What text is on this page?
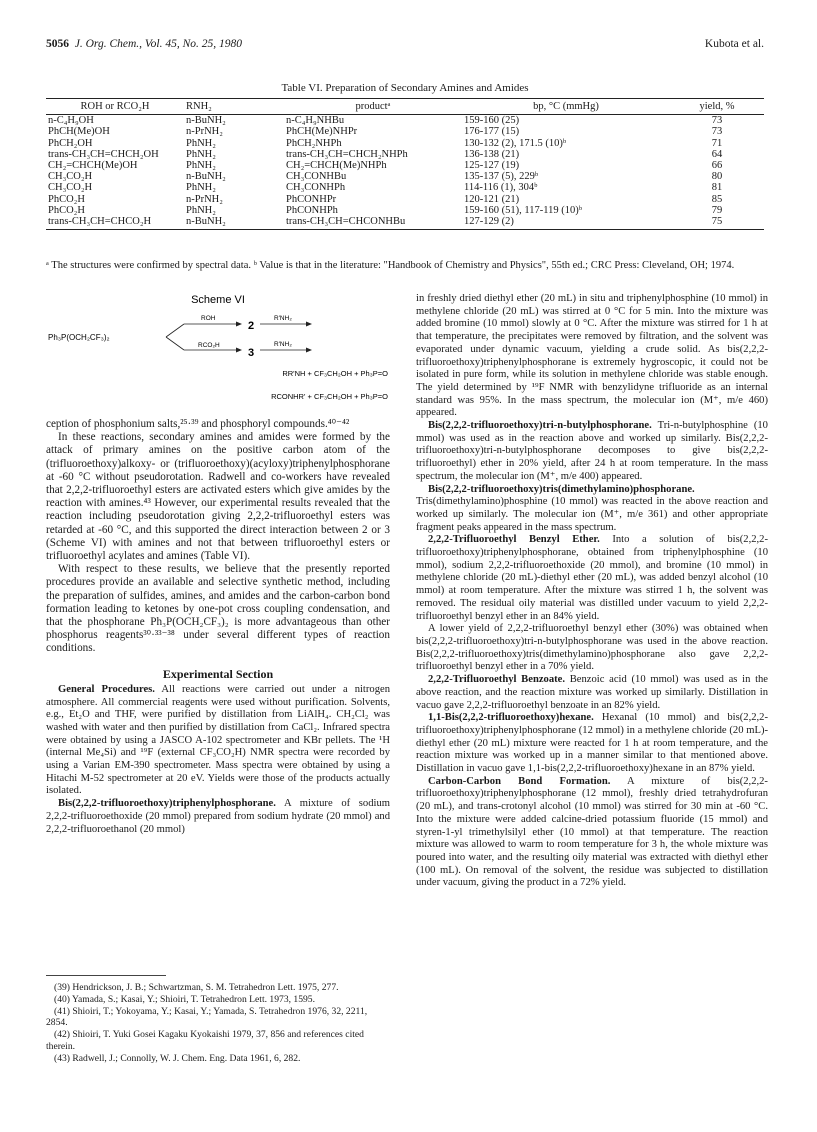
5056 J. Org. Chem., Vol. 45, No. 25, 1980	Kubota et al.
Table VI. Preparation of Secondary Amines and Amides
ROH or RCO₂H	RNH₂	productᵃ	bp, °C (mmHg)	yield, %
n-C₄H₉OH	n-BuNH₂	n-C₄H₉NHBu	159-160 (25)	73
PhCH(Me)OH	n-PrNH₂	PhCH(Me)NHPr	176-177 (15)	73
PhCH₂OH	PhNH₂	PhCH₂NHPh	130-132 (2), 171.5 (10)ᵇ	71
trans-CH₃CH=CHCH₂OH	PhNH₂	trans-CH₃CH=CHCH₂NHPh	136-138 (21)	64
CH₂=CHCH(Me)OH	PhNH₂	CH₂=CHCH(Me)NHPh	125-127 (19)	66
CH₃CO₂H	n-BuNH₂	CH₃CONHBu	135-137 (5), 229ᵇ	80
CH₃CO₂H	PhNH₂	CH₃CONHPh	114-116 (1), 304ᵇ	81
PhCO₂H	n-PrNH₂	PhCONHPr	120-121 (21)	85
PhCO₂H	PhNH₂	PhCONHPh	159-160 (51), 117-119 (10)ᵇ	79
trans-CH₃CH=CHCO₂H	n-BuNH₂	trans-CH₃CH=CHCONHBu	127-129 (2)	75
ᵃ The structures were confirmed by spectral data. ᵇ Value is that in the literature: "Handbook of Chemistry and Physics", 55th ed.; CRC Press: Cleveland, OH; 1974.
Scheme VI
Ph₃P(OCH₂CF₃)₂
ROH
RCO₂H
2
3
R'NH₂
R'NH₂
RR'NH + CF₃CH₂OH + Ph₃P=O
RCONHR' + CF₃CH₂OH + Ph₃P=O

ception of phosphonium salts,²⁵·³⁹ and phosphoryl compounds.⁴⁰⁻⁴²

In these reactions, secondary amines and amides were formed by the attack of primary amines on the positive carbon atom of the (trifluoroethoxy)alkoxy- or (trifluoroethoxy)(acyloxy)triphenylphosphorane at -60 °C without pseudorotation. Radwell and co-workers have revealed that 2,2,2-trifluoroethyl esters are activated esters which give amides by the reaction with amines.⁴³ However, our experimental results revealed that the reaction including pseudorotation giving 2,2,2-trifluoroethyl esters was retarded at -60 °C, and this supported the direct interaction between 2 or 3 (Scheme VI) with amines and not that between trifluoroethyl esters or trifluoroethyl acylates and amines (Table VI).

With respect to these results, we believe that the presently reported procedures provide an available and selective synthetic method, including the preparation of sulfides, amines, and amides and the carbon-carbon bond formation leading to ketones by one-pot cross coupling condensation, and that the phosphorane Ph₃P(OCH₂CF₃)₂ is more advantageous than other phosphorus reagents³⁰·³³⁻³⁸ under several different types of reaction conditions.

Experimental Section

General Procedures. All reactions were carried out under a nitrogen atmosphere. All commercial reagents were used without purification. Solvents, e.g., Et₂O and THF, were purified by distillation from LiAlH₄. CH₂Cl₂ was washed with water and then purified by distillation from CaCl₂. Infrared spectra were obtained by using a JASCO A-102 spectrometer and KBr pellets. The ¹H (internal Me₄Si) and ¹⁹F (external CF₃CO₂H) NMR spectra were recorded by using a Varian EM-390 spectrometer. Mass spectra were obtained by using a Hitachi M-52 spectrometer at 20 eV. Yields were those of the products actually isolated.

Bis(2,2,2-trifluoroethoxy)triphenylphosphorane. A mixture of sodium 2,2,2-trifluoroethoxide (20 mmol) prepared from sodium hydrate (20 mmol) and 2,2,2-trifluoroethanol (20 mmol)

(39) Hendrickson, J. B.; Schwartzman, S. M. Tetrahedron Lett. 1975, 277.
(40) Yamada, S.; Kasai, Y.; Shioiri, T. Tetrahedron Lett. 1973, 1595.
(41) Shioiri, T.; Yokoyama, Y.; Kasai, Y.; Yamada, S. Tetrahedron 1976, 32, 2211, 2854.
(42) Shioiri, T. Yuki Gosei Kagaku Kyokaishi 1979, 37, 856 and references cited therein.
(43) Radwell, J.; Connolly, W. J. Chem. Eng. Data 1961, 6, 282.

in freshly dried diethyl ether (20 mL) in situ and triphenylphosphine (10 mmol) in methylene chloride (20 mL) was stirred at 0 °C for 5 min. Into the mixture was added bromine (10 mmol) slowly at 0 °C. After the mixture was stirred for 1 h at that temperature, the precipitates were removed by filtration, and the solvent was evaporated under dynamic vacuum, yielding a crude solid. As bis(2,2,2-trifluoroethoxy)triphenylphosphorane is extremely hygroscopic, it could not be isolated in pure form, while its solution in methylene chloride was stable enough. The yield determined by ¹⁹F NMR with benzylidyne trifluoride as an internal standard was 95%. In the mass spectrum, the molecular ion (M⁺, m/e 460) appeared.

Bis(2,2,2-trifluoroethoxy)tri-n-butylphosphorane. Tri-n-butylphosphine (10 mmol) was used as in the reaction above and worked up similarly. Bis(2,2,2-trifluoroethoxy)tri-n-butylphosphorane decomposes to give bis(2,2,2-trifluoroethyl) ether in 20% yield, after 24 h at room temperature. In the mass spectrum, the molecular ion (M⁺, m/e 400) appeared.

Bis(2,2,2-trifluoroethoxy)tris(dimethylamino)phosphorane. Tris(dimethylamino)phosphine (10 mmol) was reacted in the above reaction and worked up similarly. The molecular ion (M⁺, m/e 361) and other appropriate fragment peaks appeared in the mass spectrum.

2,2,2-Trifluoroethyl Benzyl Ether. Into a solution of bis(2,2,2-trifluoroethoxy)triphenylphosphorane, obtained from triphenylphosphine (10 mmol), sodium 2,2,2-trifluoroethoxide (20 mmol), and bromine (10 mmol) in methylene chloride (20 mL)-diethyl ether (20 mL), was added benzyl alcohol (10 mmol) at room temperature. After the mixture was stirred 1 h, the solvent was removed. The residual oily material was distilled under vacuum to yield 2,2,2-trifluoroethyl benzyl ether in an 84% yield.

A lower yield of 2,2,2-trifluoroethyl benzyl ether (30%) was obtained when bis(2,2,2-trifluoroethoxy)tri-n-butylphosphorane was used in the above reaction. Bis(2,2,2-trifluoroethoxy)tris(dimethylamino)phosphorane also gave 2,2,2-trifluoroethyl benzyl ether in a 70% yield.

2,2,2-Trifluoroethyl Benzoate. Benzoic acid (10 mmol) was used as in the above reaction, and the reaction mixture was worked up similarly. Distillation in vacuo gave 2,2,2-trifluoroethyl benzoate in an 82% yield.

1,1-Bis(2,2,2-trifluoroethoxy)hexane. Hexanal (10 mmol) and bis(2,2,2-trifluoroethoxy)triphenylphosphorane (12 mmol) in a methylene chloride (20 mL)-diethyl ether (20 mL) mixture were reacted for 1 h at room temperature, and the reaction mixture was worked up in a manner similar to that mentioned above. Distillation in vacuo gave 1,1-bis(2,2,2-trifluoroethoxy)hexane in an 87% yield.

Carbon-Carbon Bond Formation. A mixture of bis(2,2,2-trifluoroethoxy)triphenylphosphorane (12 mmol), freshly dried tetrahydrofuran (20 mL), and trans-crotonyl alcohol (10 mmol) was stirred for 30 min at -60 °C. Into the mixture were added calcine-dried potassium fluoride (15 mmol) and styren-1-yl trimethylsilyl ether (10 mmol) at that temperature. The reaction mixture was allowed to warm to room temperature for 3 h, the whole mixture was poured into water, and the resulting oily material was extracted with diethyl ether (100 mL). On removal of the solvent, the residue was subjected to distillation under vacuum, giving the product in a 72% yield.
